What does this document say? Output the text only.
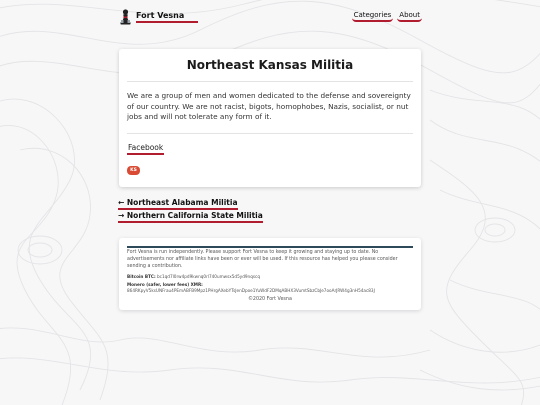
Fort Vesna	Categories About
Northeast Kansas Militia

We are a group of men and women dedicated to the defense and sovereignty of our country. We are not racist, bigots, homophobes, Nazis, socialist, or nut jobs and will not tolerate any form of it.

Facebook
KS
← Northeast Alabama Militia
→ Northern California State Militia

Fort Vesna is run independently. Please support Fort Vesna to keep it growing and staying up to date. No advertisements nor affiliate links have been or ever will be used. If this resource has helped you please consider sending a contribution.

Bitcoin BTC: bc1qd7l0rw4pd9kwnq0rl740umwsx5d5yd9nqscq
Monero (safer, lower fees) XMR:
864RKpyV5ksUNFrau4PEmABFB9Mpz1PHrgAXebYTsJenDpoe1YuWdF2DMqABHX3VumtSbzCbJe7ooArJRW4g3nH54ac83J
©2020 Fort Vesna
